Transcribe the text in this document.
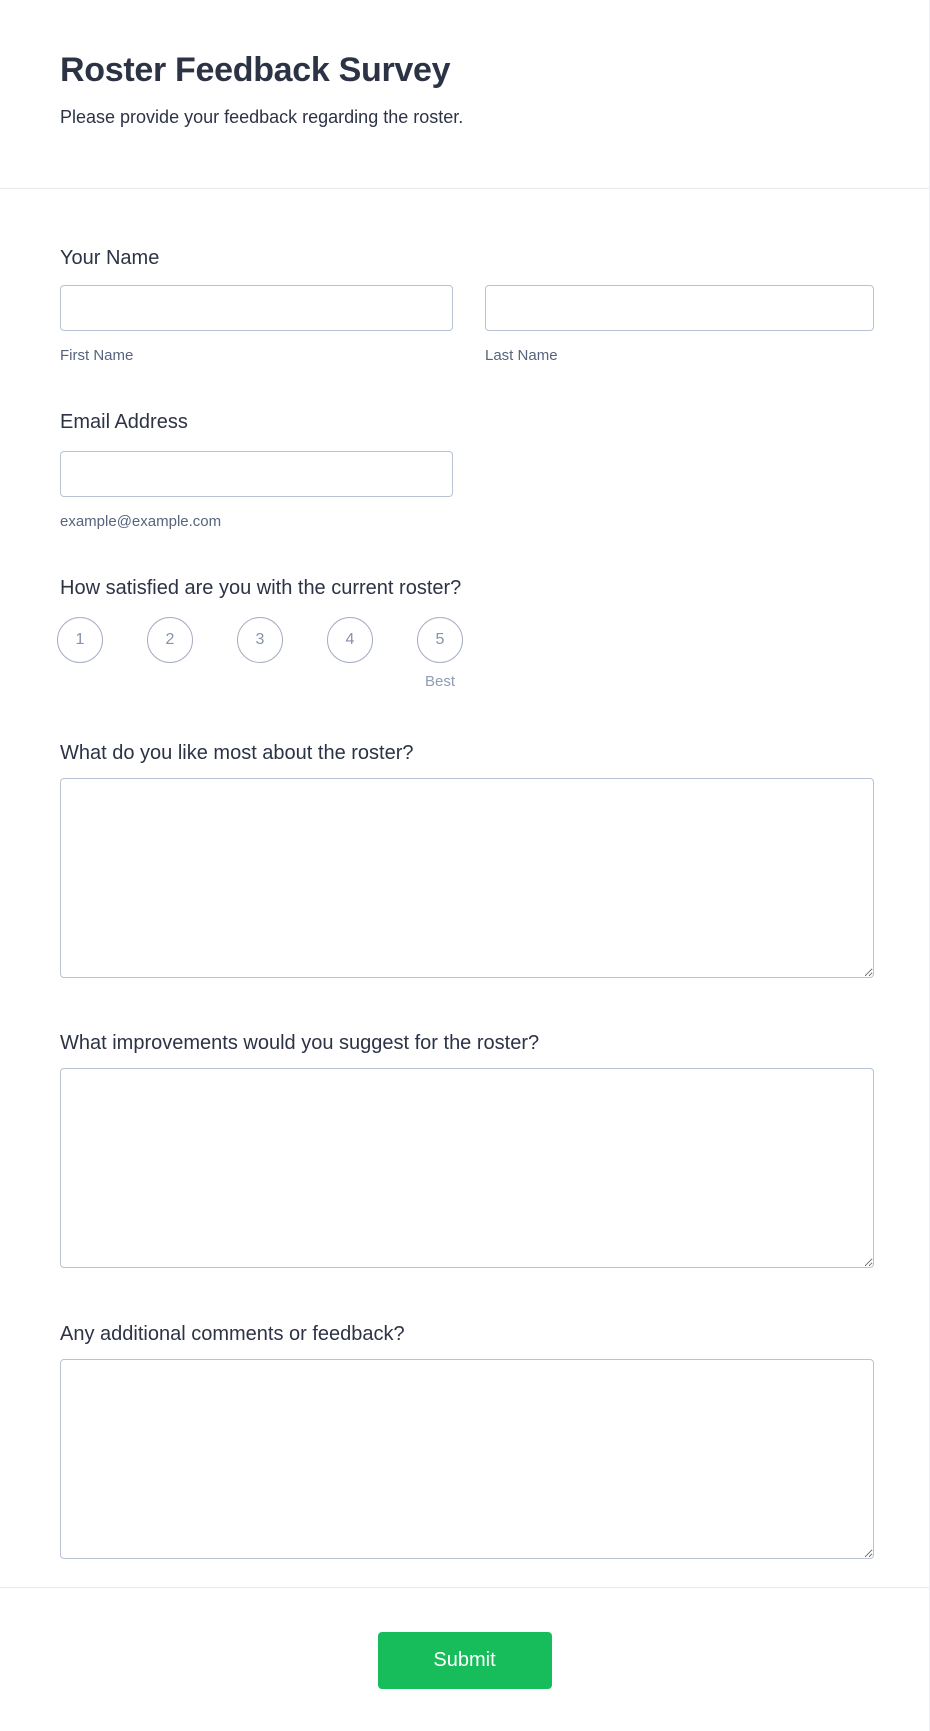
Roster Feedback Survey

Please provide your feedback regarding the roster.

Your Name
First Name	Last Name
Email Address
example@example.com
How satisfied are you with the current roster?
1	2	3	4	5
Best
What do you like most about the roster?
What improvements would you suggest for the roster?
Any additional comments or feedback?
Submit
